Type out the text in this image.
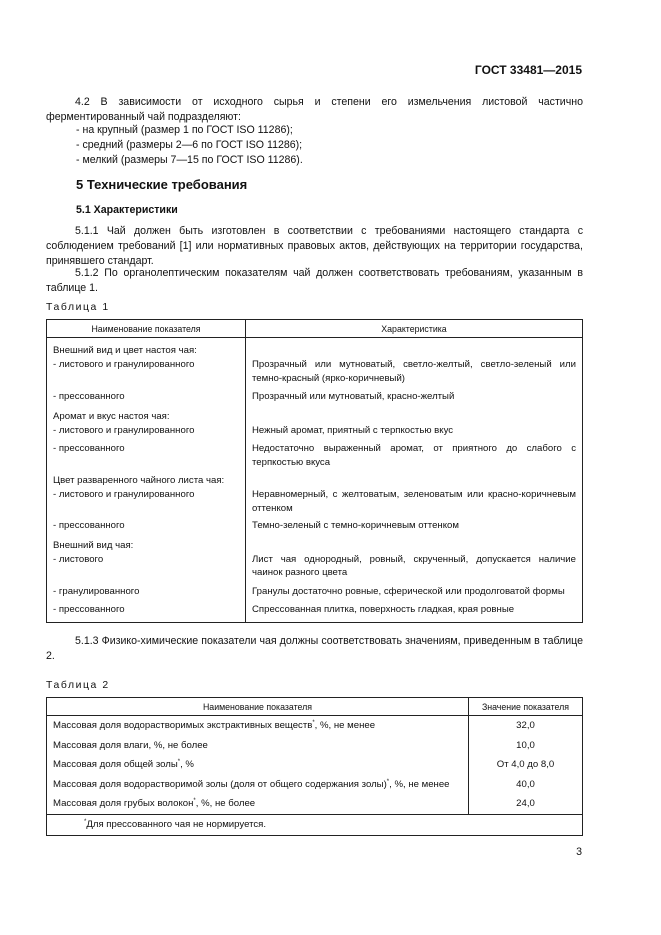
ГОСТ 33481—2015
4.2 В зависимости от исходного сырья и степени его измельчения листовой частично ферментированный чай подразделяют:
- на крупный (размер 1 по ГОСТ ISO 11286);
- средний (размеры 2—6 по ГОСТ ISO 11286);
- мелкий (размеры 7—15 по ГОСТ ISO 11286).
5 Технические требования
5.1 Характеристики
5.1.1 Чай должен быть изготовлен в соответствии с требованиями настоящего стандарта с соблюдением требований [1] или нормативных правовых актов, действующих на территории государства, принявшего стандарт.
5.1.2 По органолептическим показателям чай должен соответствовать требованиям, указанным в таблице 1.
Таблица 1
Наименование показателя	Характеристика
Внешний вид и цвет настоя чая:	
- листового и гранулированного	Прозрачный или мутноватый, светло-желтый, светло-зеленый или темно-красный (ярко-коричневый)
- прессованного	Прозрачный или мутноватый, красно-желтый
Аромат и вкус настоя чая:	
- листового и гранулированного	Нежный аромат, приятный с терпкостью вкус
- прессованного	Недостаточно выраженный аромат, от приятного до слабого с терпкостью вкуса
Цвет разваренного чайного листа чая:	
- листового и гранулированного	Неравномерный, с желтоватым, зеленоватым или красно-коричневым оттенком
- прессованного	Темно-зеленый с темно-коричневым оттенком
Внешний вид чая:	
- листового	Лист чая однородный, ровный, скрученный, допускается наличие чаинок разного цвета
- гранулированного	Гранулы достаточно ровные, сферической или продолговатой формы
- прессованного	Спрессованная плитка, поверхность гладкая, края ровные
5.1.3 Физико-химические показатели чая должны соответствовать значениям, приведенным в таблице 2.
Таблица 2
Наименование показателя	Значение показателя
Массовая доля водорастворимых экстрактивных веществ*, %, не менее	32,0
Массовая доля влаги, %, не более	10,0
Массовая доля общей золы*, %	От 4,0 до 8,0
Массовая доля водорастворимой золы (доля от общего содержания золы)*, %, не менее	40,0
Массовая доля грубых волокон*, %, не более	24,0
*Для прессованного чая не нормируется.	
3
